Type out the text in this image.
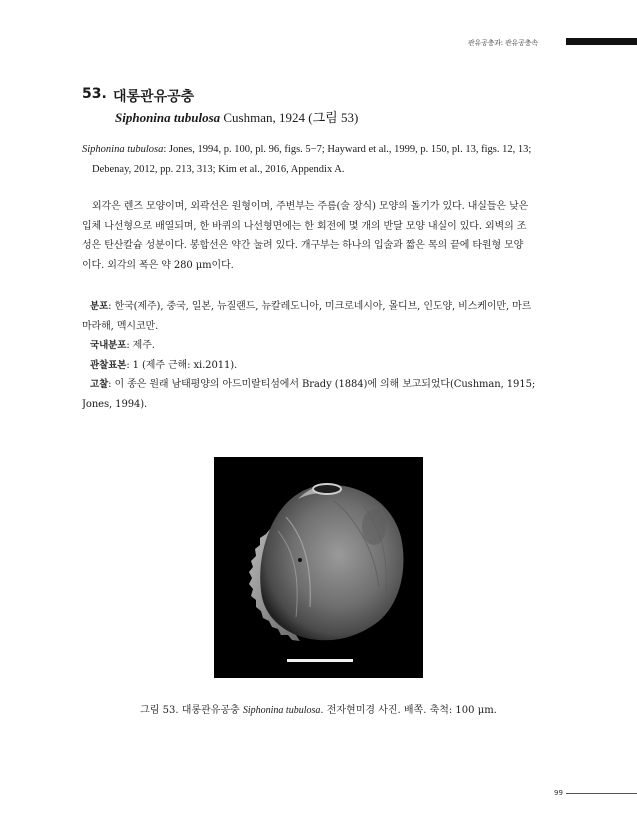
관유공충과: 관유공충속
53. 대롱관유공충
Siphonina tubulosa Cushman, 1924 (그림 53)
Siphonina tubulosa: Jones, 1994, p. 100, pl. 96, figs. 5−7; Hayward et al., 1999, p. 150, pl. 13, figs. 12, 13;
Debenay, 2012, pp. 213, 313; Kim et al., 2016, Appendix A.
외각은 렌즈 모양이며, 외곽선은 원형이며, 주변부는 주름(술 장식) 모양의 돌기가 있다. 내실들은 낮은
입체 나선형으로 배열되며, 한 바퀴의 나선형면에는 한 회전에 몇 개의 반달 모양 내실이 있다. 외벽의 조
성은 탄산칼슘 성분이다. 봉합선은 약간 눌려 있다. 개구부는 하나의 입술과 짧은 목의 끝에 타원형 모양
이다. 외각의 폭은 약 280 μm이다.
분포: 한국(제주), 중국, 일본, 뉴질랜드, 뉴칼레도니아, 미크로네시아, 몰디브, 인도양, 비스케이만, 마르
마라해, 멕시코만.
국내분포: 제주.
관찰표본: 1 (제주 근해: xi.2011).
고찰: 이 종은 원래 남태평양의 아드미랄티섬에서 Brady (1884)에 의해 보고되었다(Cushman, 1915;
Jones, 1994).
그림 53. 대롱관유공충 Siphonina tubulosa. 전자현미경 사진. 배쪽. 축척: 100 μm.
99
